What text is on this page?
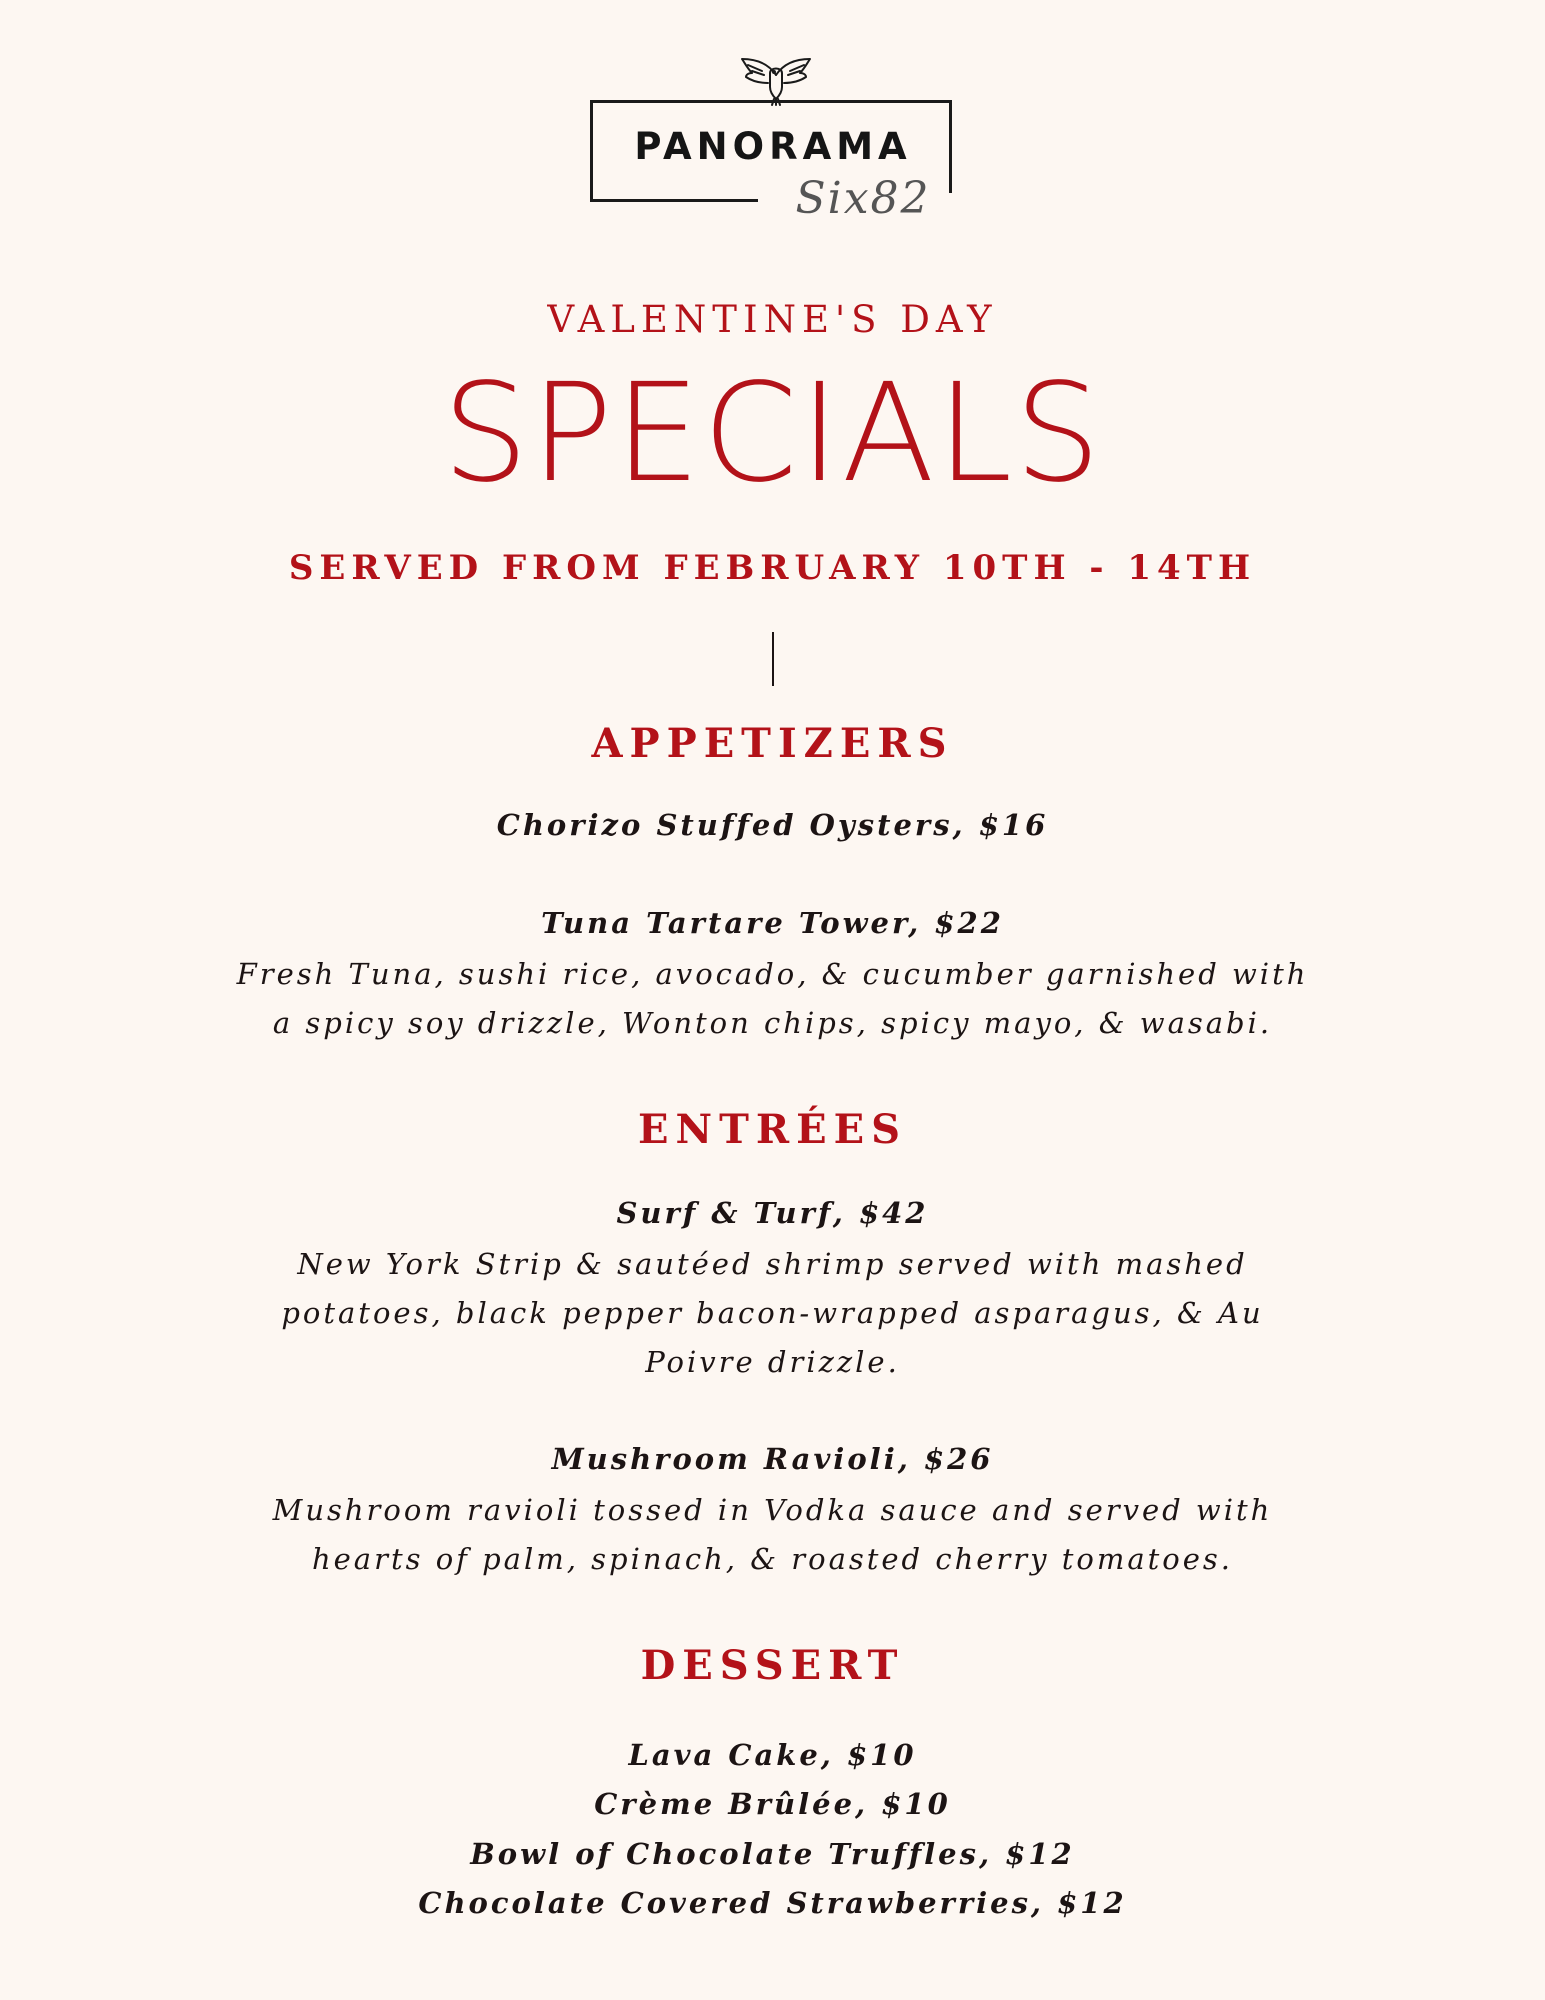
PANORAMA
Six82

VALENTINE'S DAY

SPECIALS

SERVED FROM FEBRUARY 10TH - 14TH

APPETIZERS

Chorizo Stuffed Oysters, $16

Tuna Tartare Tower, $22

Fresh Tuna, sushi rice, avocado, & cucumber garnished with

a spicy soy drizzle, Wonton chips, spicy mayo, & wasabi.

ENTRÉES

Surf & Turf, $42

New York Strip & sautéed shrimp served with mashed

potatoes, black pepper bacon-wrapped asparagus, & Au

Poivre drizzle.

Mushroom Ravioli, $26

Mushroom ravioli tossed in Vodka sauce and served with

hearts of palm, spinach, & roasted cherry tomatoes.

DESSERT

Lava Cake, $10

Crème Brûlée, $10

Bowl of Chocolate Truffles, $12

Chocolate Covered Strawberries, $12
